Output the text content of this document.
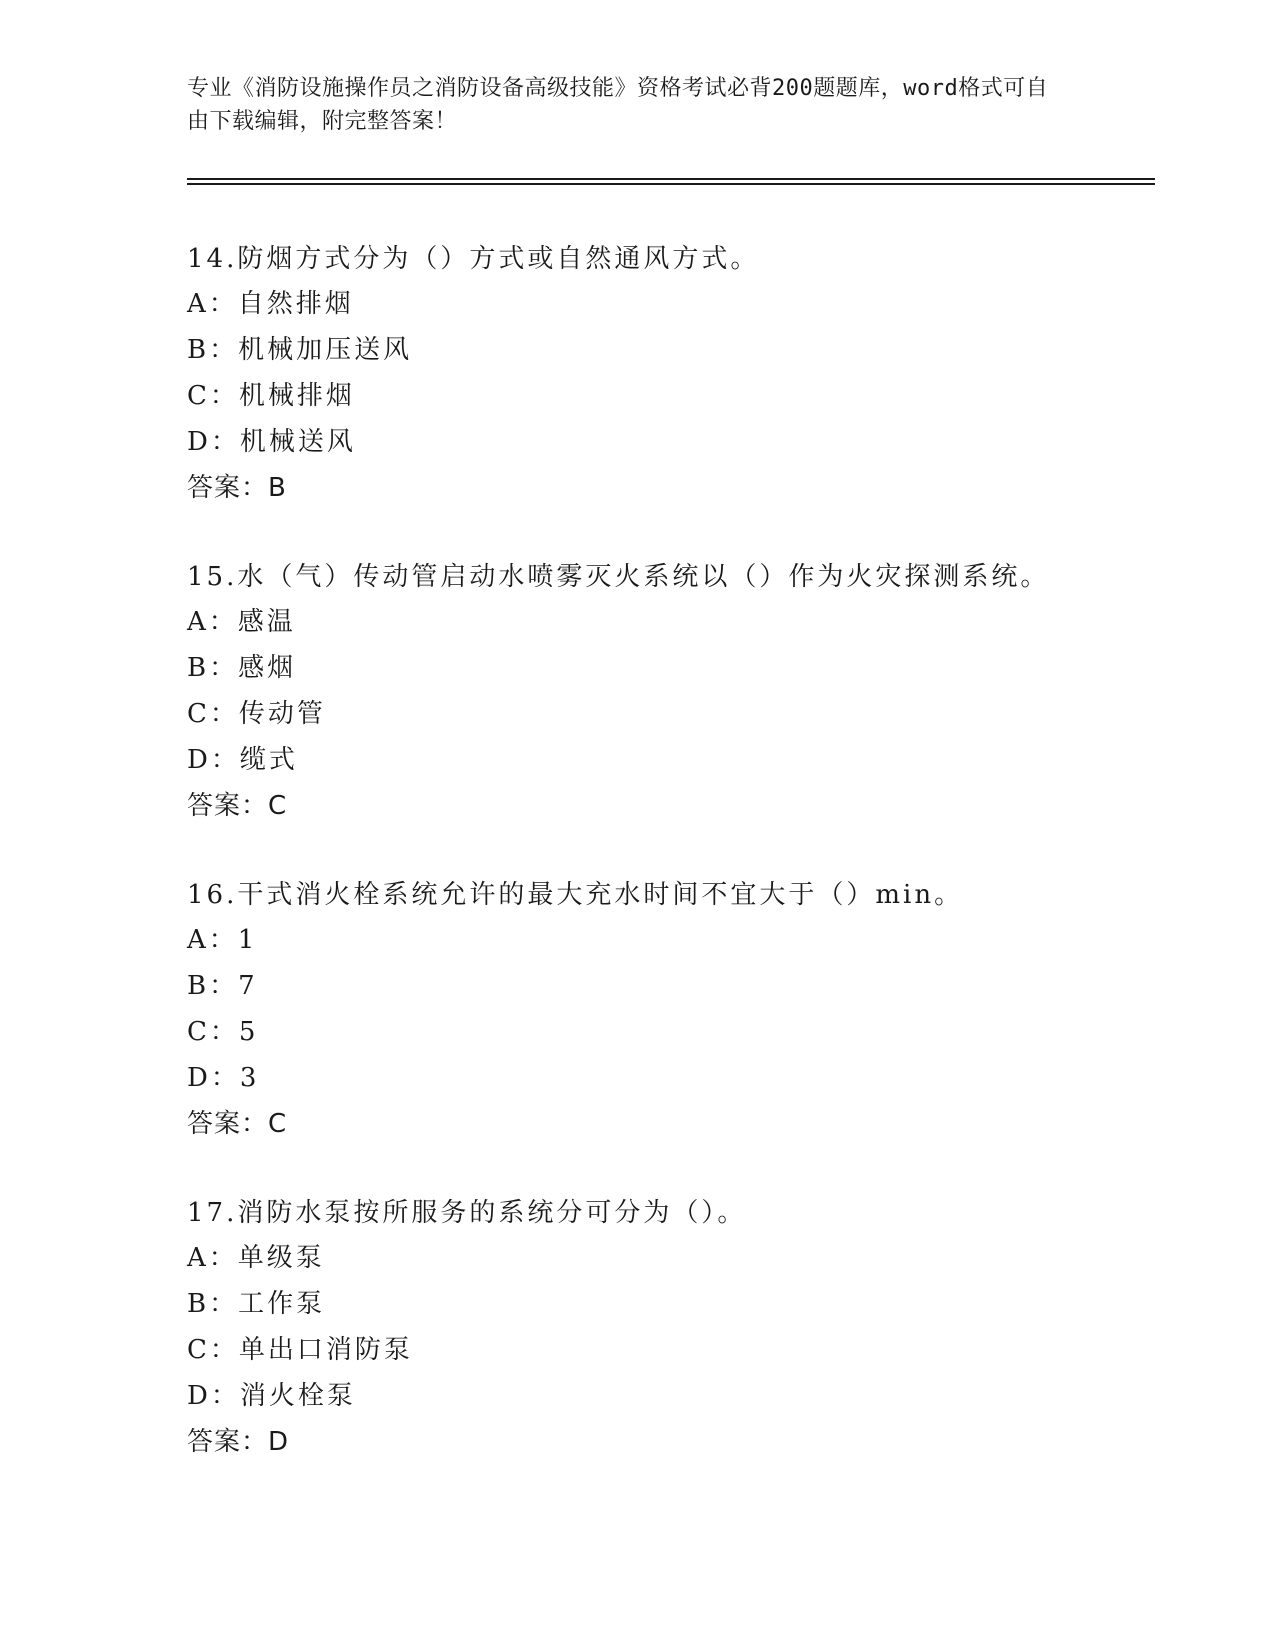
专业《消防设施操作员之消防设备高级技能》资格考试必背200题题库，word格式可自由下载编辑，附完整答案！
14.防烟方式分为（）方式或自然通风方式。
A：自然排烟
B：机械加压送风
C：机械排烟
D：机械送风
答案：B
15.水（气）传动管启动水喷雾灭火系统以（）作为火灾探测系统。
A：感温
B：感烟
C：传动管
D：缆式
答案：C
16.干式消火栓系统允许的最大充水时间不宜大于（）min。
A：1
B：7
C：5
D：3
答案：C
17.消防水泵按所服务的系统分可分为（）。
A：单级泵
B：工作泵
C：单出口消防泵
D：消火栓泵
答案：D
